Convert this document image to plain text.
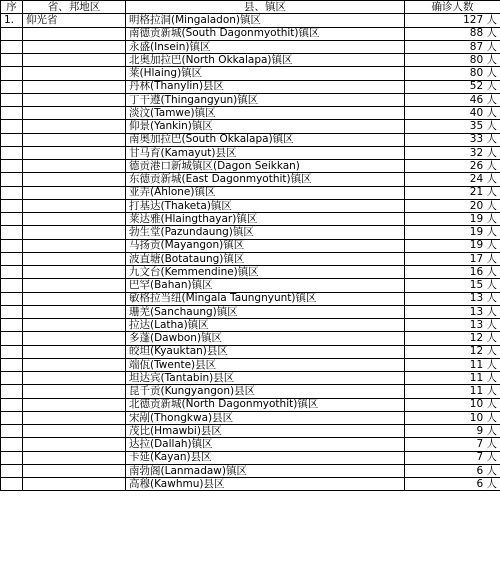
序	省、邦地区	县、镇区	确诊人数
1.	仰光省	明格拉洞(Mingaladon)镇区	127 人
		南德贡新城(South Dagonmyothit)镇区	88 人
		永盛(Insein)镇区	87 人
		北奥加拉巴(North Okkalapa)镇区	80 人
		莱(Hlaing)镇区	80 人
		丹林(Thanylin)县区	52 人
		丁干遵(Thingangyun)镇区	46 人
		淡汶(Tamwe)镇区	40 人
		仰景(Yankin)镇区	35 人
		南奥加拉巴(South Okkalapa)镇区	33 人
		甘马育(Kamayut)县区	32 人
		德贡港口新城镇区(Dagon Seikkan)	26 人
		东德贡新城(East Dagonmyothit)镇区	24 人
		亚弄(Ahlone)镇区	21 人
		打基达(Thaketa)镇区	20 人
		莱达雅(Hlaingthayar)镇区	19 人
		勃生堂(Pazundaung)镇区	19 人
		马扬贡(Mayangon)镇区	19 人
		波直塘(Botataung)镇区	17 人
		九文台(Kemmendine)镇区	16 人
		巴罕(Bahan)镇区	15 人
		敏格拉当纽(Mingala Taungnyunt)镇区	13 人
		珊羌(Sanchaung)镇区	13 人
		拉达(Latha)镇区	13 人
		多蓬(Dawbon)镇区	12 人
		皎坦(Kyauktan)县区	12 人
		端佤(Twente)县区	11 人
		坦达宾(Tantabin)县区	11 人
		昆千贡(Kungyangon)县区	11 人
		北德贡新城(North Dagonmyothit)镇区	10 人
		宋剐(Thongkwa)县区	10 人
		茂比(Hmawbi)县区	9 人
		达拉(Dallah)镇区	7 人
		卡延(Kayan)县区	7 人
		南勃阁(Lanmadaw)镇区	6 人
		高穆(Kawhmu)县区	6 人
